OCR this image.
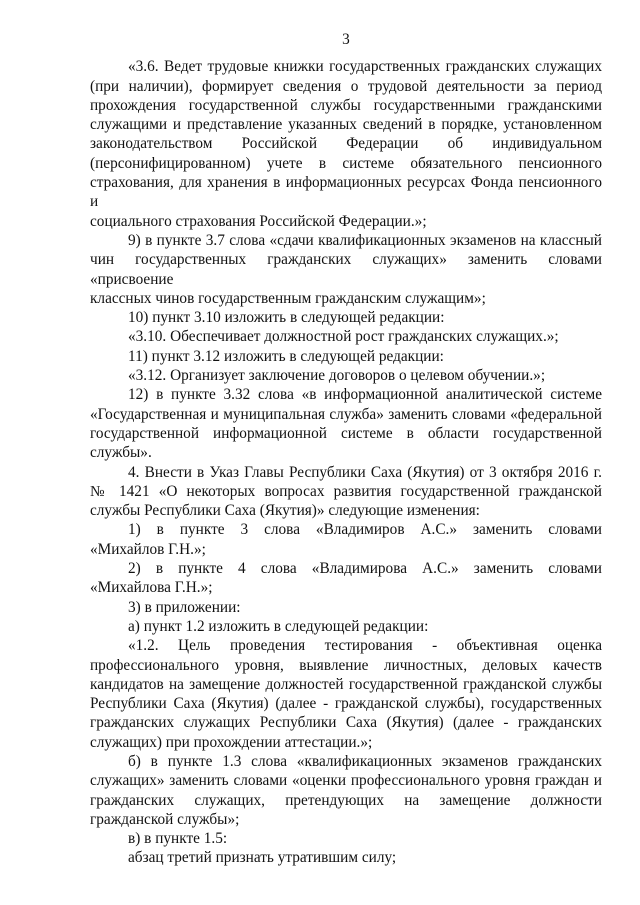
3
«3.6. Ведет трудовые книжки государственных гражданских служащих
(при наличии), формирует сведения о трудовой деятельности за период
прохождения государственной службы государственными гражданскими
служащими и представление указанных сведений в порядке, установленном
законодательством Российской Федерации об индивидуальном
(персонифицированном) учете в системе обязательного пенсионного
страхования, для хранения в информационных ресурсах Фонда пенсионного и
социального страхования Российской Федерации.»;
9) в пункте 3.7 слова «сдачи квалификационных экзаменов на классный
чин государственных гражданских служащих» заменить словами «присвоение
классных чинов государственным гражданским служащим»;
10) пункт 3.10 изложить в следующей редакции:
«3.10. Обеспечивает должностной рост гражданских служащих.»;
11) пункт 3.12 изложить в следующей редакции:
«3.12. Организует заключение договоров о целевом обучении.»;
12) в пункте 3.32 слова «в информационной аналитической системе
«Государственная и муниципальная служба» заменить словами «федеральной
государственной информационной системе в области государственной
службы».
4. Внести в Указ Главы Республики Саха (Якутия) от 3 октября 2016 г.
№ 1421 «О некоторых вопросах развития государственной гражданской
службы Республики Саха (Якутия)» следующие изменения:
1) в пункте 3 слова «Владимиров А.С.» заменить словами
«Михайлов Г.Н.»;
2) в пункте 4 слова «Владимирова А.С.» заменить словами
«Михайлова Г.Н.»;
3) в приложении:
а) пункт 1.2 изложить в следующей редакции:
«1.2. Цель проведения тестирования - объективная оценка
профессионального уровня, выявление личностных, деловых качеств
кандидатов на замещение должностей государственной гражданской службы
Республики Саха (Якутия) (далее - гражданской службы), государственных
гражданских служащих Республики Саха (Якутия) (далее - гражданских
служащих) при прохождении аттестации.»;
б) в пункте 1.3 слова «квалификационных экзаменов гражданских
служащих» заменить словами «оценки профессионального уровня граждан и
гражданских служащих, претендующих на замещение должности
гражданской службы»;
в) в пункте 1.5:
абзац третий признать утратившим силу;
